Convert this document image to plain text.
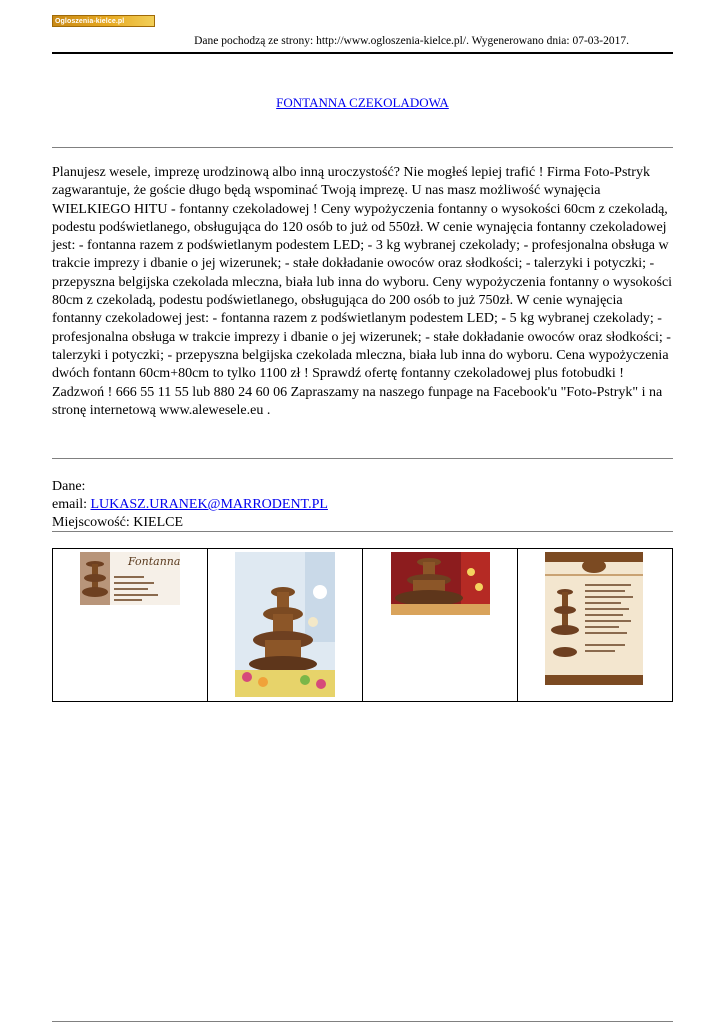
Ogloszenia-kielce.pl
Dane pochodzą ze strony: http://www.ogloszenia-kielce.pl/. Wygenerowano dnia: 07-03-2017.
FONTANNA CZEKOLADOWA

Planujesz wesele, imprezę urodzinową albo inną uroczystość? Nie mogłeś lepiej trafić ! Firma Foto-Pstryk zagwarantuje, że goście długo będą wspominać Twoją imprezę. U nas masz możliwość wynajęcia WIELKIEGO HITU - fontanny czekoladowej ! Ceny wypożyczenia fontanny o wysokości 60cm z czekoladą, podestu podświetlanego, obsługująca do 120 osób to już od 550zł. W cenie wynajęcia fontanny czekoladowej jest: - fontanna razem z podświetlanym podestem LED; - 3 kg wybranej czekolady; - profesjonalna obsługa w trakcie imprezy i dbanie o jej wizerunek; - stałe dokładanie owoców oraz słodkości; - talerzyki i potyczki; - przepyszna belgijska czekolada mleczna, biała lub inna do wyboru. Ceny wypożyczenia fontanny o wysokości 80cm z czekoladą, podestu podświetlanego, obsługująca do 200 osób to już 750zł. W cenie wynajęcia fontanny czekoladowej jest: - fontanna razem z podświetlanym podestem LED; - 5 kg wybranej czekolady; - profesjonalna obsługa w trakcie imprezy i dbanie o jej wizerunek; - stałe dokładanie owoców oraz słodkości; - talerzyki i potyczki; - przepyszna belgijska czekolada mleczna, biała lub inna do wyboru. Cena wypożyczenia dwóch fontann 60cm+80cm to tylko 1100 zł ! Sprawdź ofertę fontanny czekoladowej plus fotobudki ! Zadzwoń ! 666 55 11 55 lub 880 24 60 06 Zapraszamy na naszego funpage na Facebook'u "Foto-Pstryk" i na stronę internetową www.alewesele.eu .

Dane:
email: LUKASZ.URANEK@MARRODENT.PL
Miejscowość: KIELCE
Fontanna
